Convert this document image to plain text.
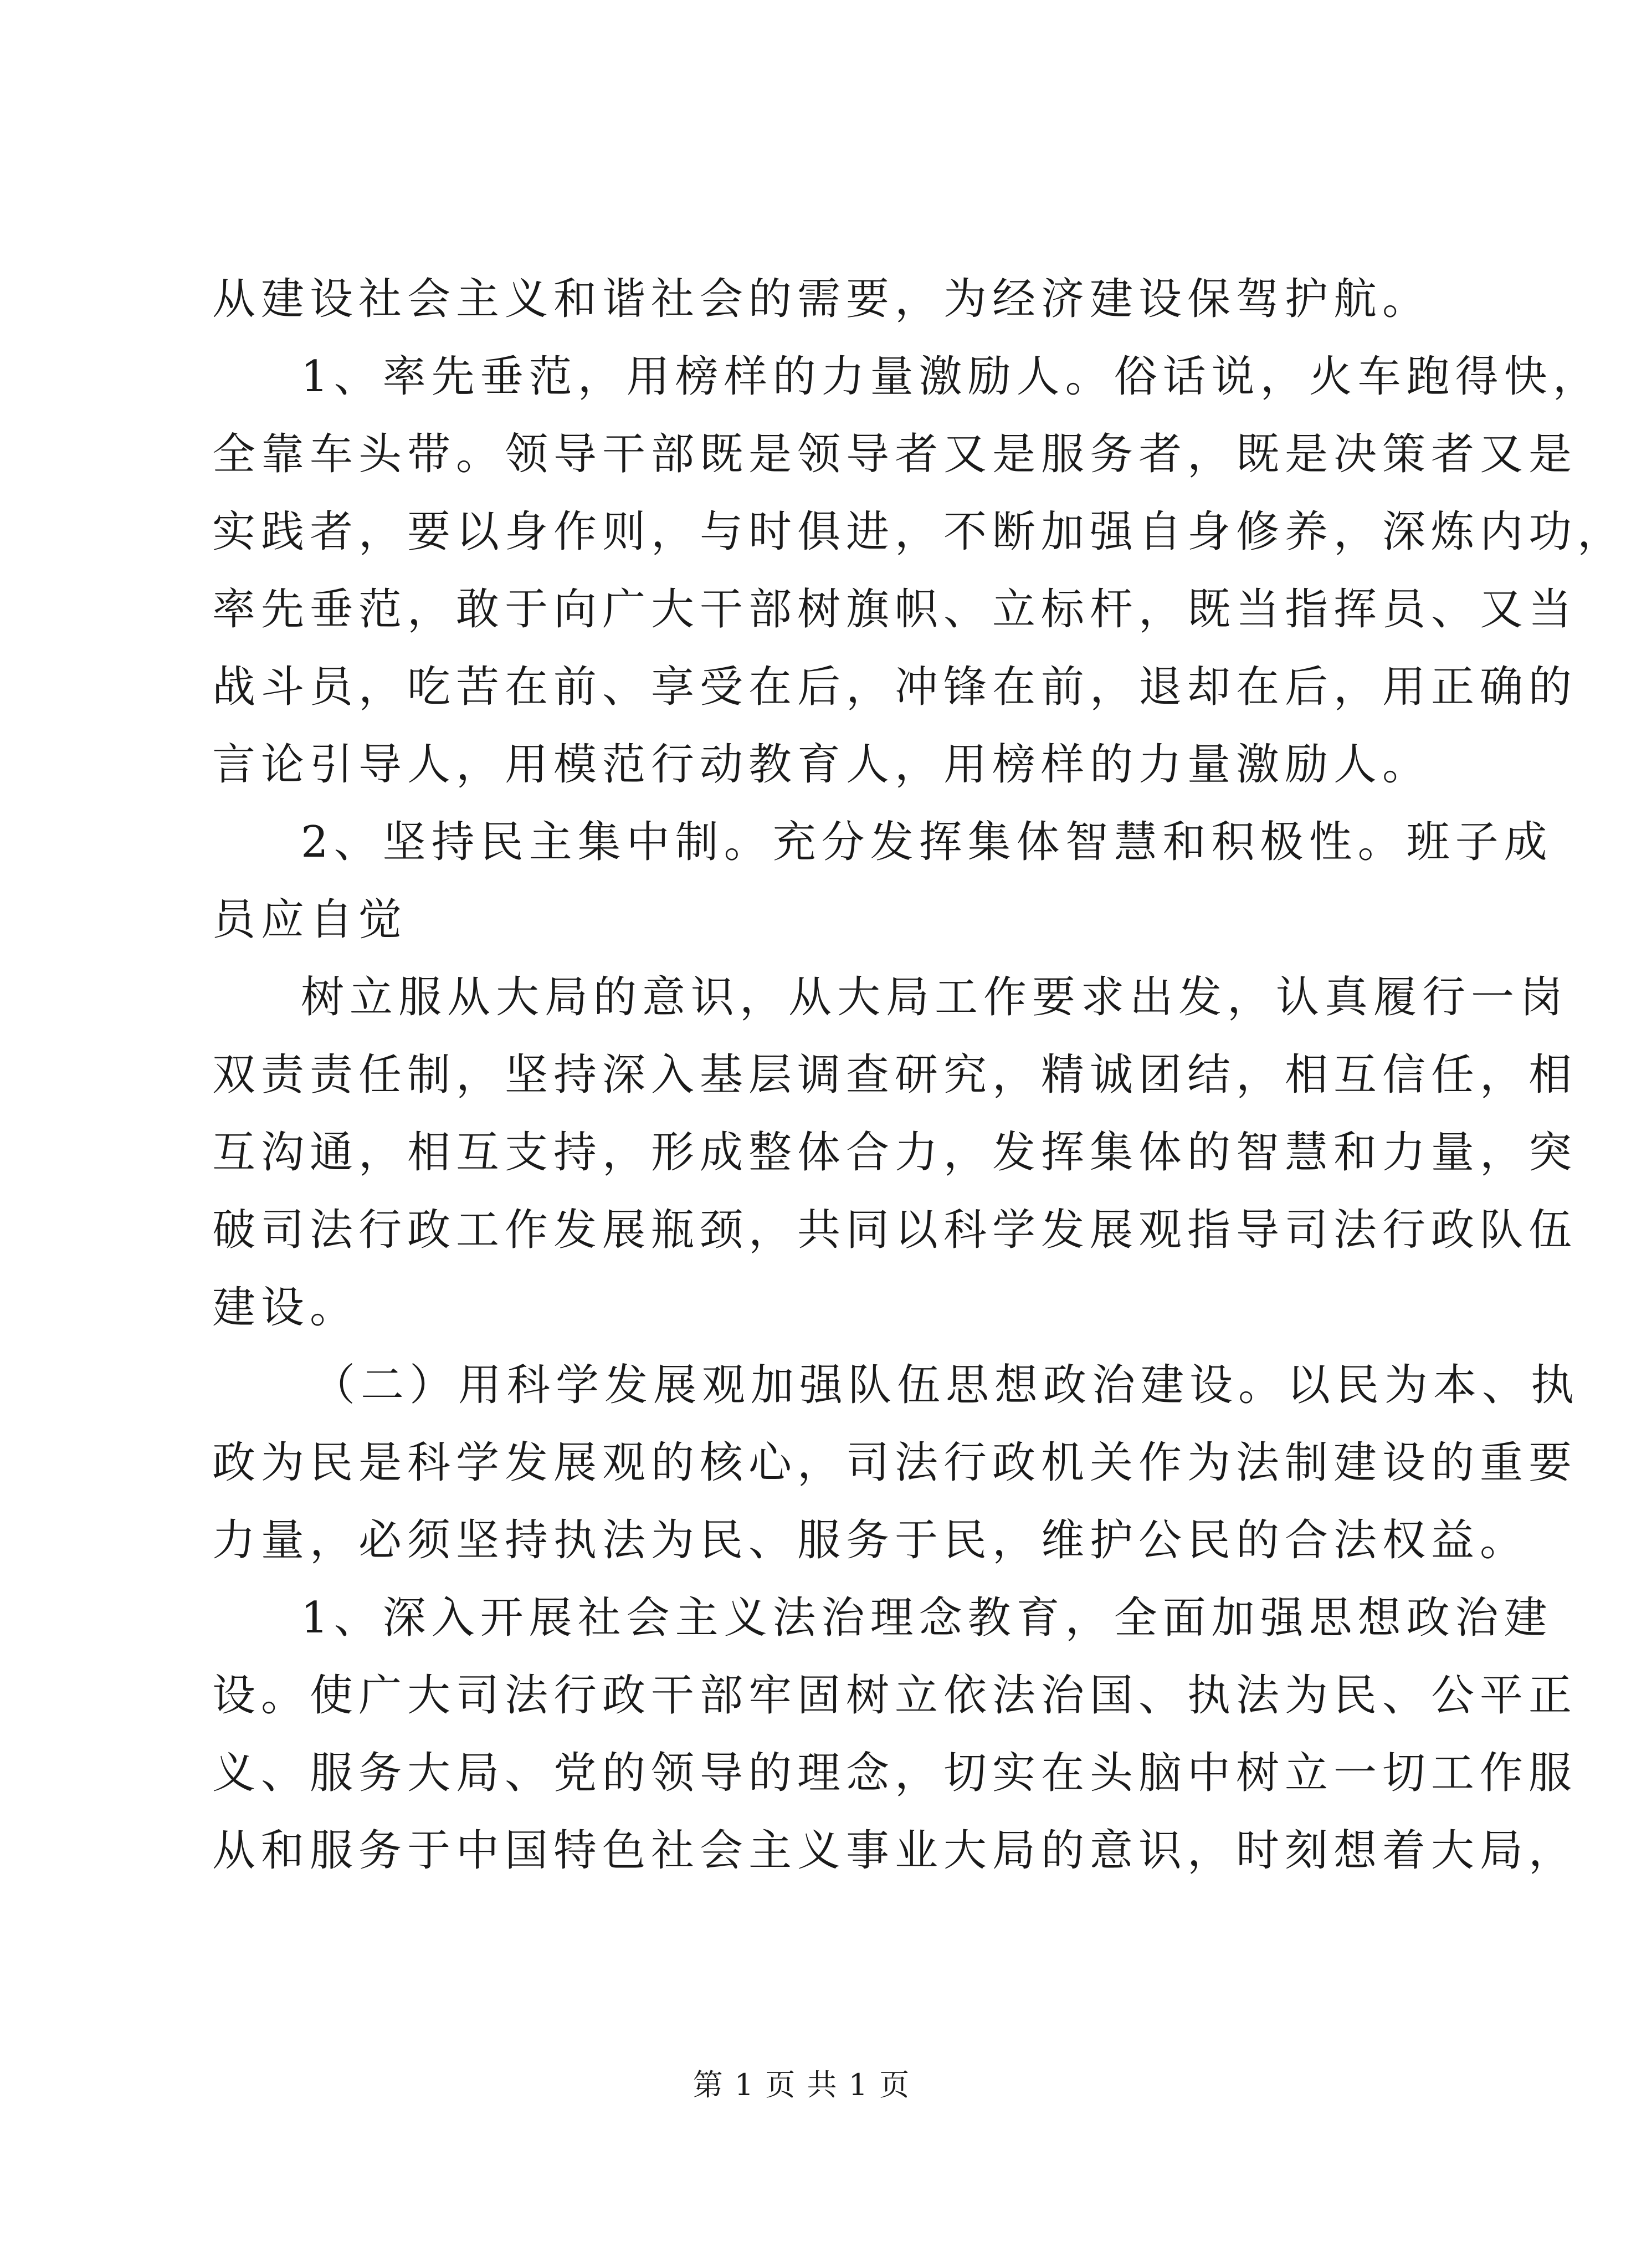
从建设社会主义和谐社会的需要，为经济建设保驾护航。
1、率先垂范，用榜样的力量激励人。俗话说，火车跑得快，
全靠车头带。领导干部既是领导者又是服务者，既是决策者又是
实践者，要以身作则，与时俱进，不断加强自身修养，深炼内功，
率先垂范，敢于向广大干部树旗帜、立标杆，既当指挥员、又当
战斗员，吃苦在前、享受在后，冲锋在前，退却在后，用正确的
言论引导人，用模范行动教育人，用榜样的力量激励人。
2、坚持民主集中制。充分发挥集体智慧和积极性。班子成
员应自觉
树立服从大局的意识，从大局工作要求出发，认真履行一岗
双责责任制，坚持深入基层调查研究，精诚团结，相互信任，相
互沟通，相互支持，形成整体合力，发挥集体的智慧和力量，突
破司法行政工作发展瓶颈，共同以科学发展观指导司法行政队伍
建设。
（二）用科学发展观加强队伍思想政治建设。以民为本、执
政为民是科学发展观的核心，司法行政机关作为法制建设的重要
力量，必须坚持执法为民、服务于民，维护公民的合法权益。
1、深入开展社会主义法治理念教育，全面加强思想政治建
设。使广大司法行政干部牢固树立依法治国、执法为民、公平正
义、服务大局、党的领导的理念，切实在头脑中树立一切工作服
从和服务于中国特色社会主义事业大局的意识，时刻想着大局，
第 1 页 共 1 页
